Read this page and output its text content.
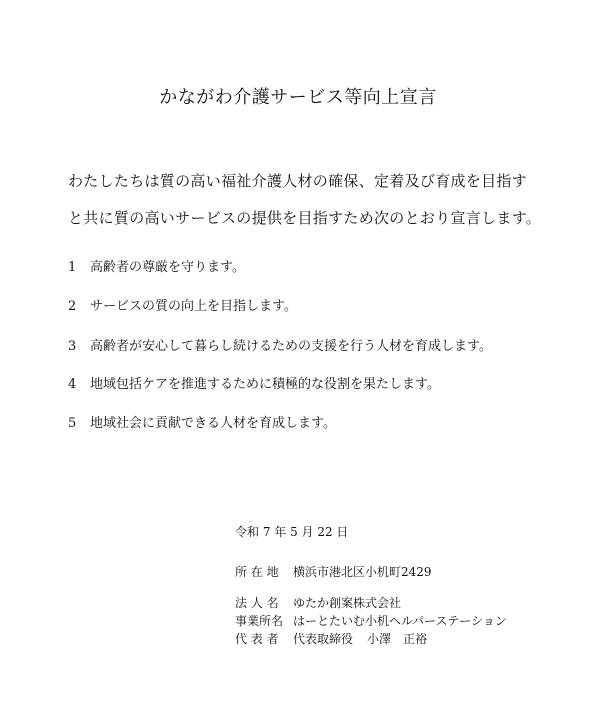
かながわ介護サービス等向上宣言
わたしたちは質の高い福祉介護人材の確保、定着及び育成を目指す
と共に質の高いサービスの提供を目指すため次のとおり宣言します。
1 高齢者の尊厳を守ります。
2 サービスの質の向上を目指します。
3 高齢者が安心して暮らし続けるための支援を行う人材を育成します。
4 地域包括ケアを推進するために積極的な役割を果たします。
5 地域社会に貢献できる人材を育成します。
令和 7 年 5 月 22 日
所 在 地 横浜市港北区小机町2429
法 人 名 ゆたか創案株式会社
事業所名 はーとたいむ小机ヘルパーステーション
代 表 者 代表取締役 小澤　正裕
